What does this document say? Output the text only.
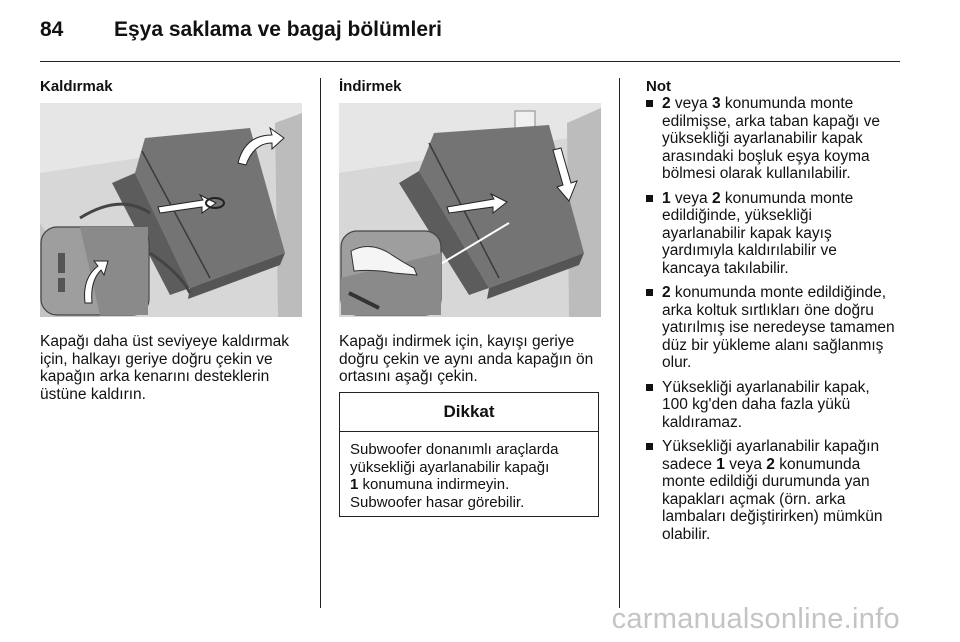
84 Eşya saklama ve bagaj bölümleri
Kaldırmak

Kapağı daha üst seviyeye kaldırmak
için, halkayı geriye doğru çekin ve
kapağın arka kenarını desteklerin
üstüne kaldırın.

İndirmek

Kapağı indirmek için, kayışı geriye
doğru çekin ve aynı anda kapağın ön
ortasını aşağı çekin.

Dikkat
Subwoofer donanımlı araçlarda
yüksekliği ayarlanabilir kapağı
1 konumuna indirmeyin.
Subwoofer hasar görebilir.
Not
2 veya 3 konumunda monte
edilmişse, arka taban kapağı ve
yüksekliği ayarlanabilir kapak
arasındaki boşluk eşya koyma
bölmesi olarak kullanılabilir.
1 veya 2 konumunda monte
edildiğinde, yüksekliği
ayarlanabilir kapak kayış
yardımıyla kaldırılabilir ve
kancaya takılabilir.
2 konumunda monte edildiğinde,
arka koltuk sırtlıkları öne doğru
yatırılmış ise neredeyse tamamen
düz bir yükleme alanı sağlanmış
olur.
Yüksekliği ayarlanabilir kapak,
100 kg'den daha fazla yükü
kaldıramaz.
Yüksekliği ayarlanabilir kapağın
sadece 1 veya 2 konumunda
monte edildiği durumunda yan
kapakları açmak (örn. arka
lambaları değiştirirken) mümkün
olabilir.
carmanualsonline.info
